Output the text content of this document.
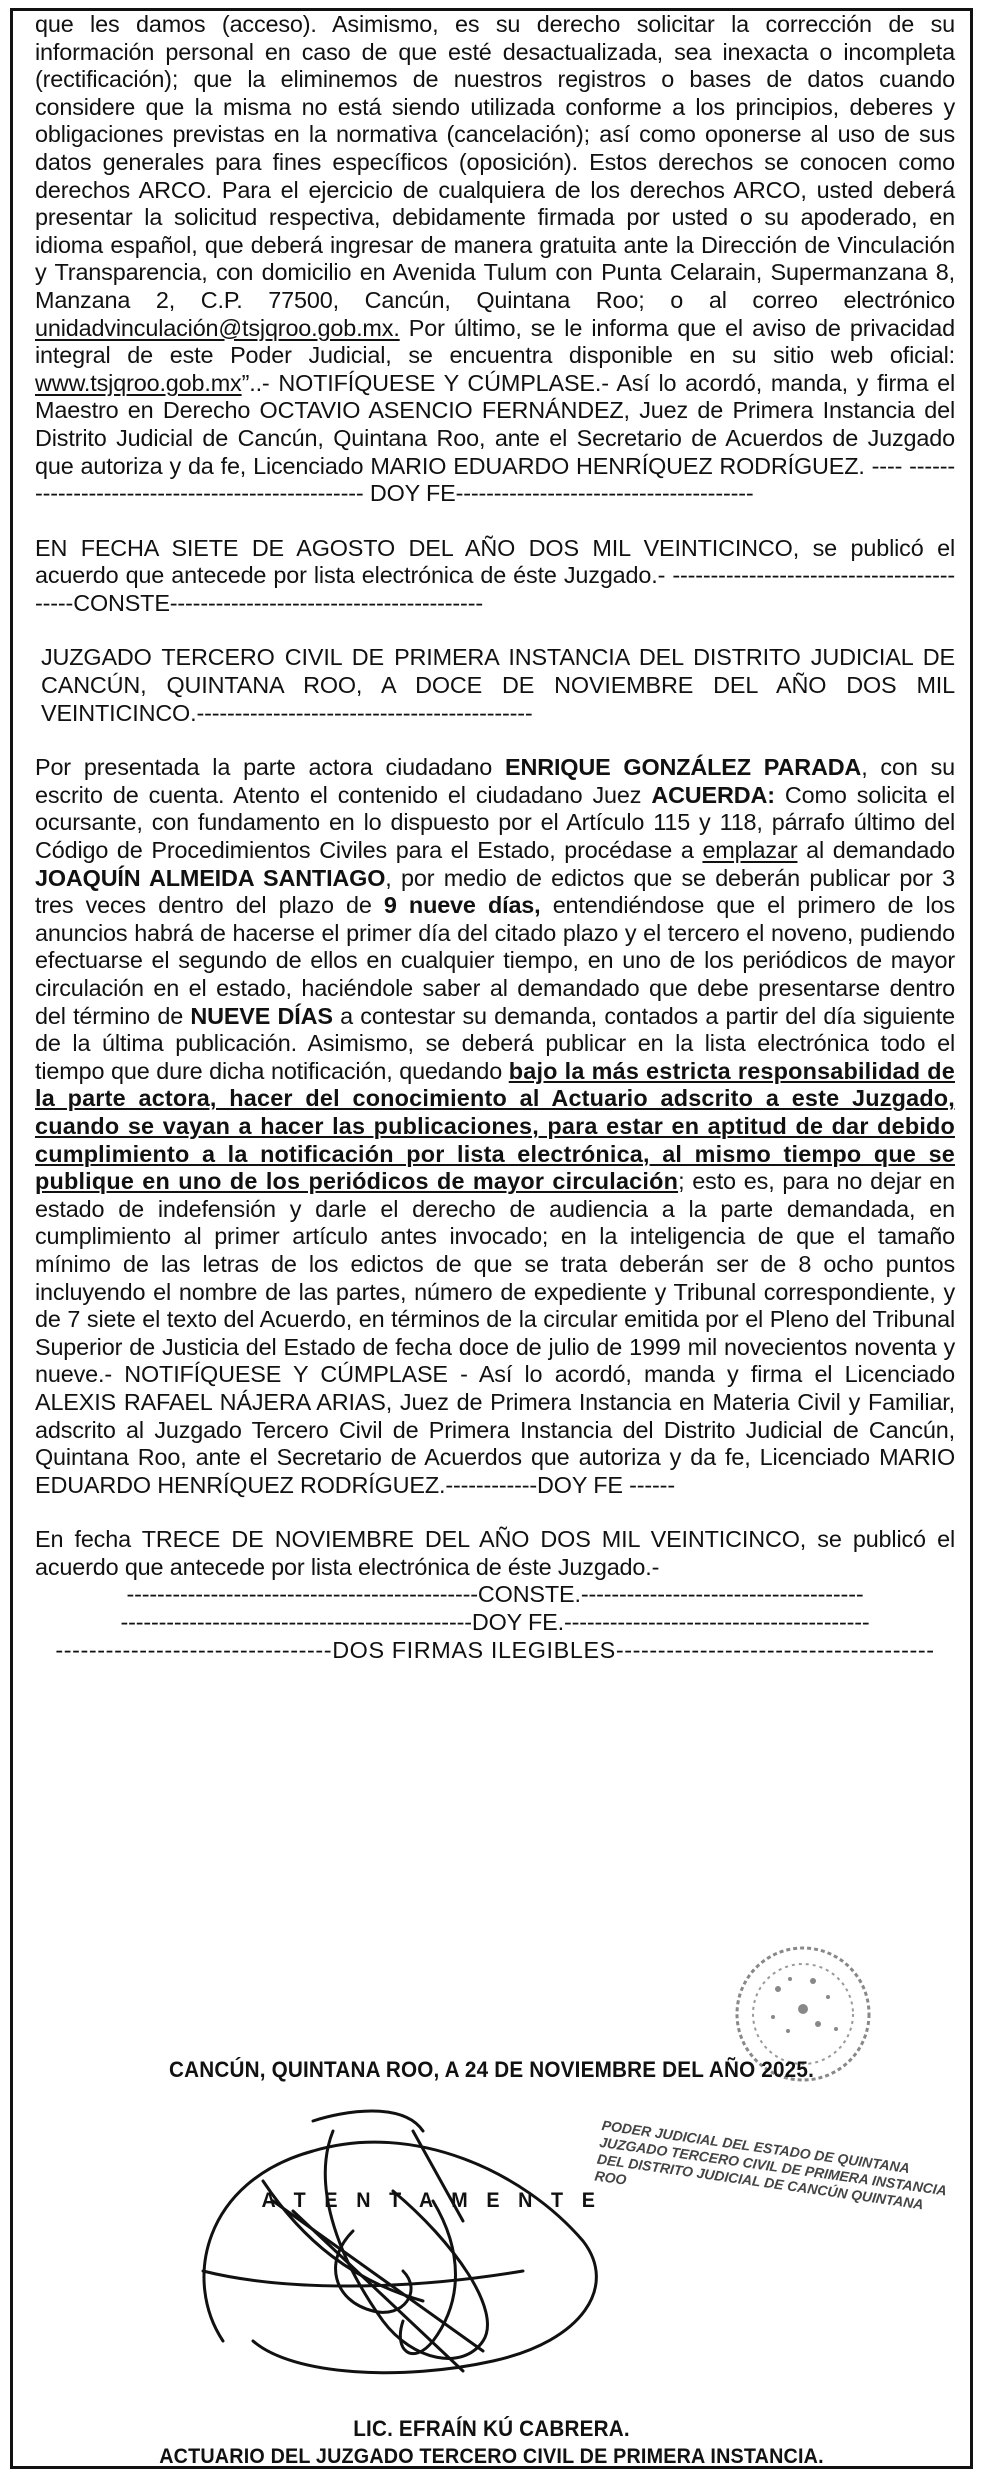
que les damos (acceso). Asimismo, es su derecho solicitar la corrección de su información personal en caso de que esté desactualizada, sea inexacta o incompleta (rectificación); que la eliminemos de nuestros registros o bases de datos cuando considere que la misma no está siendo utilizada conforme a los principios, deberes y obligaciones previstas en la normativa (cancelación); así como oponerse al uso de sus datos generales para fines específicos (oposición). Estos derechos se conocen como derechos ARCO. Para el ejercicio de cualquiera de los derechos ARCO, usted deberá presentar la solicitud respectiva, debidamente firmada por usted o su apoderado, en idioma español, que deberá ingresar de manera gratuita ante la Dirección de Vinculación y Transparencia, con domicilio en Avenida Tulum con Punta Celarain, Supermanzana 8, Manzana 2, C.P. 77500, Cancún, Quintana Roo; o al correo electrónico unidadvinculación@tsjqroo.gob.mx. Por último, se le informa que el aviso de privacidad integral de este Poder Judicial, se encuentra disponible en su sitio web oficial: www.tsjqroo.gob.mx”..- NOTIFÍQUESE Y CÚMPLASE.- Así lo acordó, manda, y firma el Maestro en Derecho OCTAVIO ASENCIO FERNÁNDEZ, Juez de Primera Instancia del Distrito Judicial de Cancún, Quintana Roo, ante el Secretario de Acuerdos de Juzgado que autoriza y da fe, Licenciado MARIO EDUARDO HENRÍQUEZ RODRÍGUEZ. ---- ------------------------------------------------- DOY FE---------------------------------------

EN FECHA SIETE DE AGOSTO DEL AÑO DOS MIL VEINTICINCO, se publicó el acuerdo que antecede por lista electrónica de éste Juzgado.- ------------------------------------------CONSTE-----------------------------------------

JUZGADO TERCERO CIVIL DE PRIMERA INSTANCIA DEL DISTRITO JUDICIAL DE CANCÚN, QUINTANA ROO, A DOCE DE NOVIEMBRE DEL AÑO DOS MIL VEINTICINCO.--------------------------------------------

Por presentada la parte actora ciudadano ENRIQUE GONZÁLEZ PARADA, con su escrito de cuenta. Atento el contenido el ciudadano Juez ACUERDA: Como solicita el ocursante, con fundamento en lo dispuesto por el Artículo 115 y 118, párrafo último del Código de Procedimientos Civiles para el Estado, procédase a emplazar al demandado JOAQUÍN ALMEIDA SANTIAGO, por medio de edictos que se deberán publicar por 3 tres veces dentro del plazo de 9 nueve días, entendiéndose que el primero de los anuncios habrá de hacerse el primer día del citado plazo y el tercero el noveno, pudiendo efectuarse el segundo de ellos en cualquier tiempo, en uno de los periódicos de mayor circulación en el estado, haciéndole saber al demandado que debe presentarse dentro del término de NUEVE DÍAS a contestar su demanda, contados a partir del día siguiente de la última publicación. Asimismo, se deberá publicar en la lista electrónica todo el tiempo que dure dicha notificación, quedando bajo la más estricta responsabilidad de la parte actora, hacer del conocimiento al Actuario adscrito a este Juzgado, cuando se vayan a hacer las publicaciones, para estar en aptitud de dar debido cumplimiento a la notificación por lista electrónica, al mismo tiempo que se publique en uno de los periódicos de mayor circulación; esto es, para no dejar en estado de indefensión y darle el derecho de audiencia a la parte demandada, en cumplimiento al primer artículo antes invocado; en la inteligencia de que el tamaño mínimo de las letras de los edictos de que se trata deberán ser de 8 ocho puntos incluyendo el nombre de las partes, número de expediente y Tribunal correspondiente, y de 7 siete el texto del Acuerdo, en términos de la circular emitida por el Pleno del Tribunal Superior de Justicia del Estado de fecha doce de julio de 1999 mil novecientos noventa y nueve.- NOTIFÍQUESE Y CÚMPLASE - Así lo acordó, manda y firma el Licenciado ALEXIS RAFAEL NÁJERA ARIAS, Juez de Primera Instancia en Materia Civil y Familiar, adscrito al Juzgado Tercero Civil de Primera Instancia del Distrito Judicial de Cancún, Quintana Roo, ante el Secretario de Acuerdos que autoriza y da fe, Licenciado MARIO EDUARDO HENRÍQUEZ RODRÍGUEZ.------------DOY FE ------

En fecha TRECE DE NOVIEMBRE DEL AÑO DOS MIL VEINTICINCO, se publicó el acuerdo que antecede por lista electrónica de éste Juzgado.-

----------------------------------------------CONSTE.-------------------------------------

----------------------------------------------DOY FE.----------------------------------------

---------------------------------DOS FIRMAS ILEGIBLES--------------------------------------

CANCÚN, QUINTANA ROO, A 24 DE NOVIEMBRE DEL AÑO 2025.
A T E N T A M E N T E
PODER JUDICIAL DEL ESTADO DE QUINTANA JUZGADO TERCERO CIVIL DE PRIMERA INSTANCIA DEL DISTRITO JUDICIAL DE CANCÚN QUINTANA ROO
LIC. EFRAÍN KÚ CABRERA.
ACTUARIO DEL JUZGADO TERCERO CIVIL DE PRIMERA INSTANCIA.
